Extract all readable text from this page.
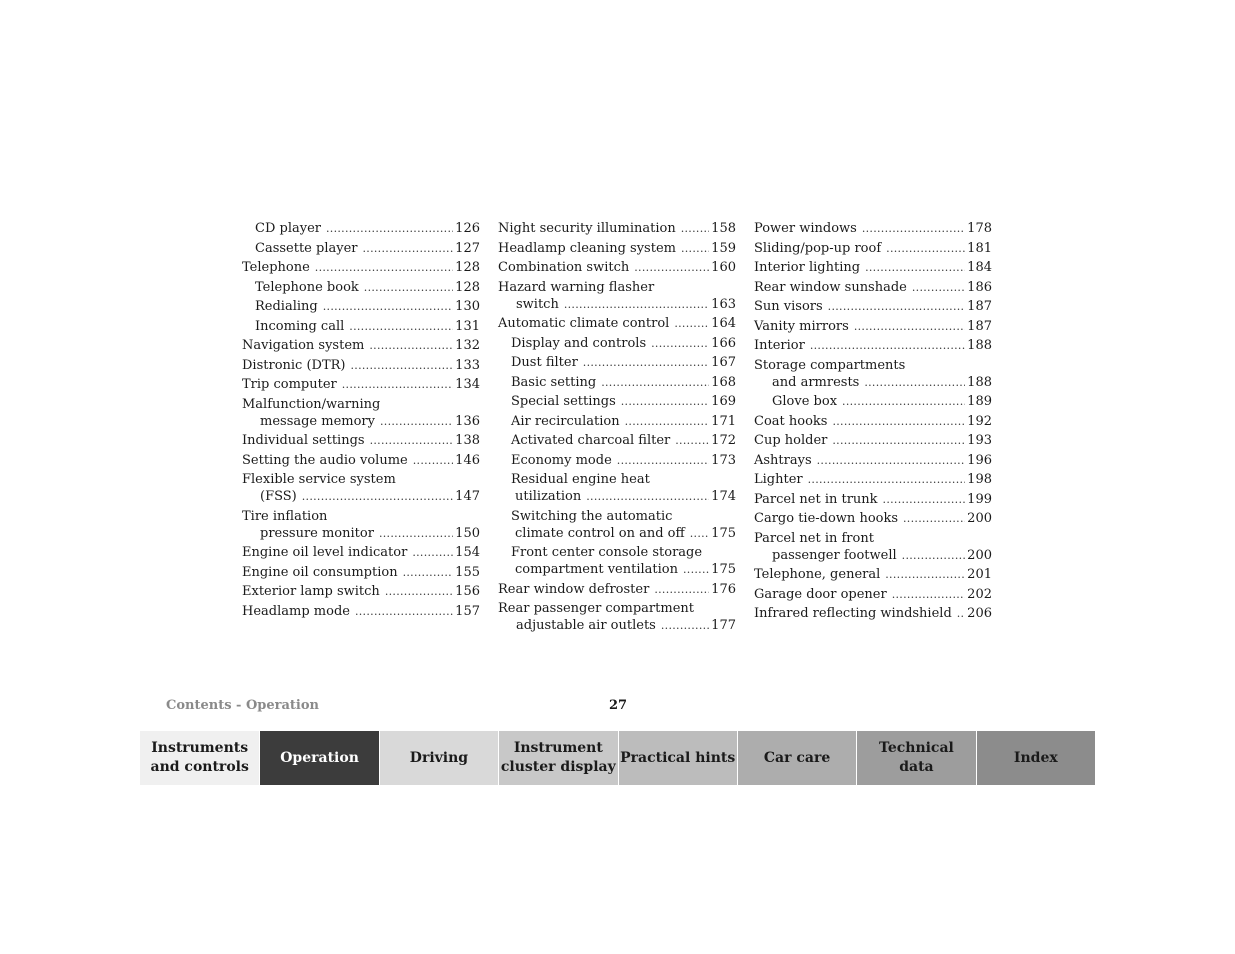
CD player .....	126
Cassette player .....	127
Telephone .....	128
Telephone book .....	128
Redialing .....	130
Incoming call .....	131
Navigation system .....	132
Distronic (DTR) .....	133
Trip computer .....	134
Malfunction/warning
message memory .....	136
Individual settings .....	138
Setting the audio volume .....	146
Flexible service system
(FSS) .....	147
Tire inflation
pressure monitor .....	150
Engine oil level indicator .....	154
Engine oil consumption .....	155
Exterior lamp switch .....	156
Headlamp mode .....	157
Night security illumination .....	158
Headlamp cleaning system .....	159
Combination switch .....	160
Hazard warning flasher
switch .....	163
Automatic climate control .....	164
Display and controls .....	166
Dust filter .....	167
Basic setting .....	168
Special settings .....	169
Air recirculation .....	171
Activated charcoal filter .....	172
Economy mode .....	173
Residual engine heat
utilization .....	174
Switching the automatic
climate control on and off ..... 175
Front center console storage
compartment ventilation .....	175
Rear window defroster .....	176
Rear passenger compartment
adjustable air outlets .....	177
Power windows .....	178
Sliding/pop-up roof .....	181
Interior lighting .....	184
Rear window sunshade .....	186
Sun visors .....	187
Vanity mirrors .....	187
Interior .....	188
Storage compartments
and armrests .....	188
Glove box .....	189
Coat hooks .....	192
Cup holder .....	193
Ashtrays .....	196
Lighter .....	198
Parcel net in trunk .....	199
Cargo tie-down hooks .....	200
Parcel net in front
passenger footwell .....	200
Telephone, general .....	201
Garage door opener .....	202
Infrared reflecting windshield ..... 206
Contents - Operation	27
Instruments
and controls
Operation	Driving
Instrument
cluster display
Practical hints Car care
Technical
data
Index
